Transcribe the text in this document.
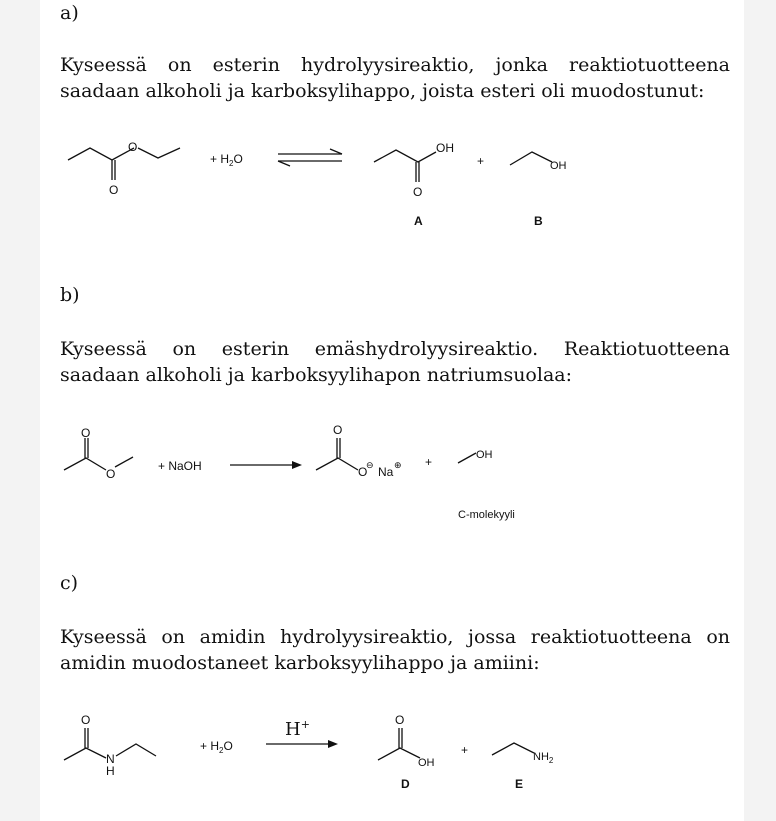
a)
Kyseessä on esterin hydrolyysireaktio, jonka reaktiotuotteena saadaan alkoholi ja karboksylihappo, joista esteri oli muodostunut:
O
O
+ $H_2O$
OH
O
+	OH
A	B
b)
Kyseessä on esterin emäshydrolyysireaktio. Reaktiotuotteena saadaan alkoholi ja karboksyylihapon natriumsuolaa:
O
O
+ NaOH
O
O
⊖ Na ⊕ +	OH
C-molekyyli
c)
Kyseessä on amidin hydrolyysireaktio, jossa reaktiotuotteena on amidin muodostaneet karboksyylihappo ja amiini:
O
N
H
+ $H_2O$
H+	O
OH
+	$NH_2$
D	E
